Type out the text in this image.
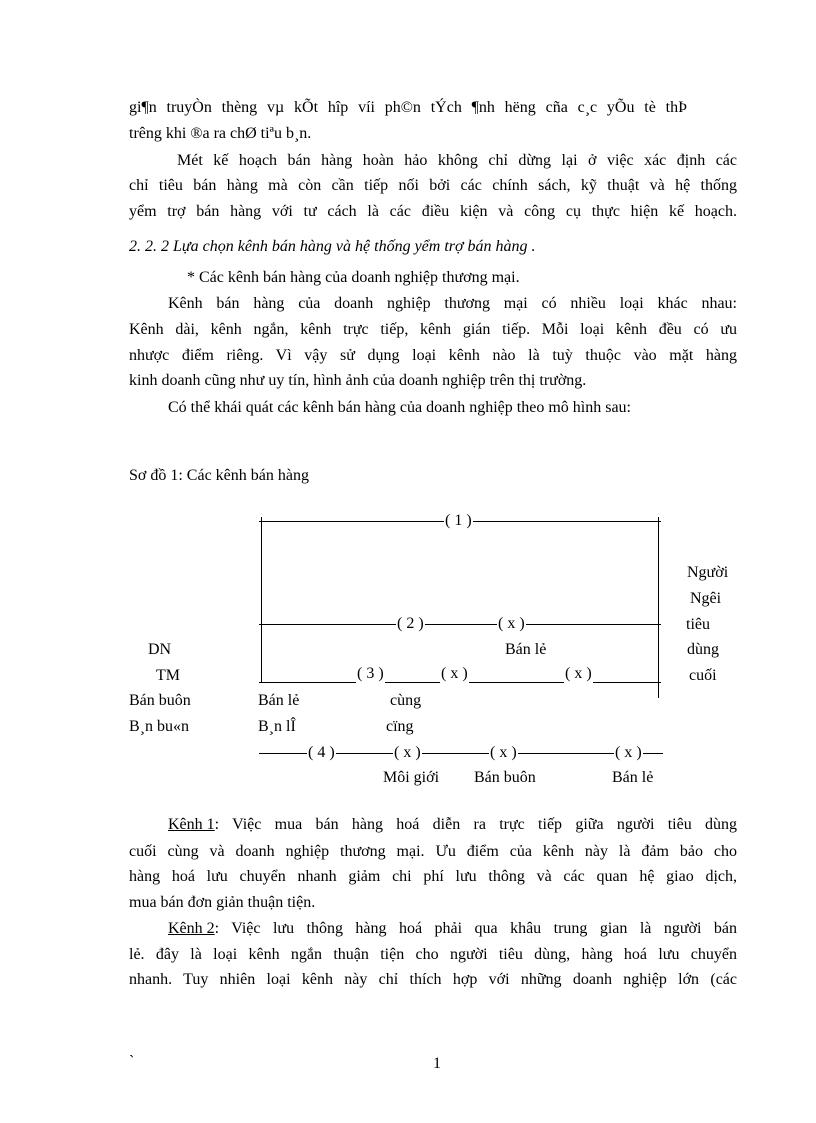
gi¶n truyÒn thèng vµ kÕt hîp víi ph©n tÝch ¶nh hëng cña c¸c yÕu tè thÞ
trêng khi ®a ra chØ tiªu b¸n.
Mét kế hoạch bán hàng hoàn hảo không chỉ dừng lại ở việc xác định các
chỉ tiêu bán hàng mà còn cần tiếp nối bởi các chính sách, kỹ thuật và hệ thống
yểm trợ bán hàng với tư cách là các điều kiện và công cụ thực hiện kế hoạch.
2. 2. 2 Lựa chọn kênh bán hàng và hệ thống yểm trợ bán hàng .
* Các kênh bán hàng của doanh nghiệp thương mại.
Kênh bán hàng của doanh nghiệp thương mại có nhiều loại khác nhau:
Kênh dài, kênh ngắn, kênh trực tiếp, kênh gián tiếp. Mỗi loại kênh đều có ưu
nhược điểm riêng. Vì vậy sử dụng loại kênh nào là tuỳ thuộc vào mặt hàng
kinh doanh cũng như uy tín, hình ảnh của doanh nghiệp trên thị trường.
Có thể khái quát các kênh bán hàng của doanh nghiệp theo mô hình sau:
Sơ đồ 1: Các kênh bán hàng
( 1 )
( 2 )	( x )
Bán lẻ
( 3 )	( x )	( x )
Người
Ngêi
tiêu
dùng
cuối
DN
TM
Bán buôn
B¸n bu«n
Bán lẻ
B¸n lÎ
cùng
cïng
( 4 )	( x )	( x )	( x )
Môi giới Bán buôn	Bán lẻ
Kênh 1 : Việc mua bán hàng hoá diễn ra trực tiếp giữa người tiêu dùng
cuối cùng và doanh nghiệp thương mại. Ưu điểm của kênh này là đảm bảo cho
hàng hoá lưu chuyển nhanh giảm chi phí lưu thông và các quan hệ giao dịch,
mua bán đơn giản thuận tiện.
Kênh 2 : Việc lưu thông hàng hoá phải qua khâu trung gian là người bán
lẻ. đây là loại kênh ngắn thuận tiện cho người tiêu dùng, hàng hoá lưu chuyển
nhanh. Tuy nhiên loại kênh này chỉ thích hợp với những doanh nghiệp lớn (các
`	1
